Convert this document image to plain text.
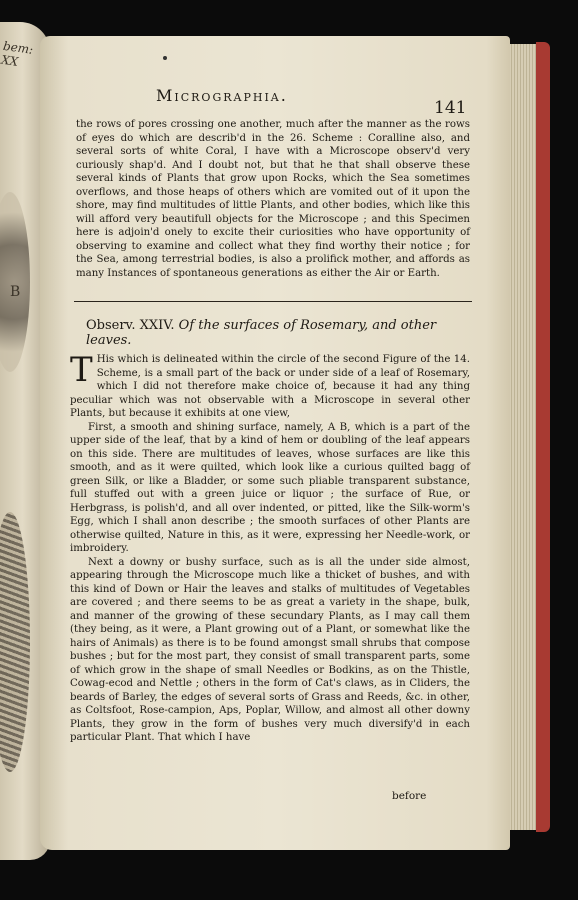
bem: XX
B
Micrographia.
141

the rows of pores crossing one another, much after the manner as the rows of eyes do which are describ'd in the 26. Scheme : Coralline also, and several sorts of white Coral, I have with a Microscope observ'd very curiously shap'd. And I doubt not, but that he that shall observe these several kinds of Plants that grow upon Rocks, which the Sea sometimes overflows, and those heaps of others which are vomited out of it upon the shore, may find multitudes of little Plants, and other bodies, which like this will afford very beautifull objects for the Microscope ; and this Specimen here is adjoin'd onely to excite their curiosities who have opportunity of observing to examine and collect what they find worthy their notice ; for the Sea, among terrestrial bodies, is also a prolifick mother, and affords as many Instances of spontaneous generations as either the Air or Earth.

Observ. XXIV. Of the surfaces of Rosemary, and other leaves.

T His which is delineated within the circle of the second Figure of the 14. Scheme, is a small part of the back or under side of a leaf of Rosemary, which I did not therefore make choice of, because it had any thing peculiar which was not observable with a Microscope in several other Plants, but because it exhibits at one view,

First, a smooth and shining surface, namely, A B, which is a part of the upper side of the leaf, that by a kind of hem or doubling of the leaf appears on this side. There are multitudes of leaves, whose surfaces are like this smooth, and as it were quilted, which look like a curious quilted bagg of green Silk, or like a Bladder, or some such pliable transparent substance, full stuffed out with a green juice or liquor ; the surface of Rue, or Herbgrass, is polish'd, and all over indented, or pitted, like the Silk-worm's Egg, which I shall anon describe ; the smooth surfaces of other Plants are otherwise quilted, Nature in this, as it were, expressing her Needle-work, or imbroidery.

Next a downy or bushy surface, such as is all the under side almost, appearing through the Microscope much like a thicket of bushes, and with this kind of Down or Hair the leaves and stalks of multitudes of Vegetables are covered ; and there seems to be as great a variety in the shape, bulk, and manner of the growing of these secundary Plants, as I may call them (they being, as it were, a Plant growing out of a Plant, or somewhat like the hairs of Animals) as there is to be found amongst small shrubs that compose bushes ; but for the most part, they consist of small transparent parts, some of which grow in the shape of small Needles or Bodkins, as on the Thistle, Cowag-ecod and Nettle ; others in the form of Cat's claws, as in Cliders, the beards of Barley, the edges of several sorts of Grass and Reeds, &c. in other, as Coltsfoot, Rose-campion, Aps, Poplar, Willow, and almost all other downy Plants, they grow in the form of bushes very much diversify'd in each particular Plant. That which I have

before
